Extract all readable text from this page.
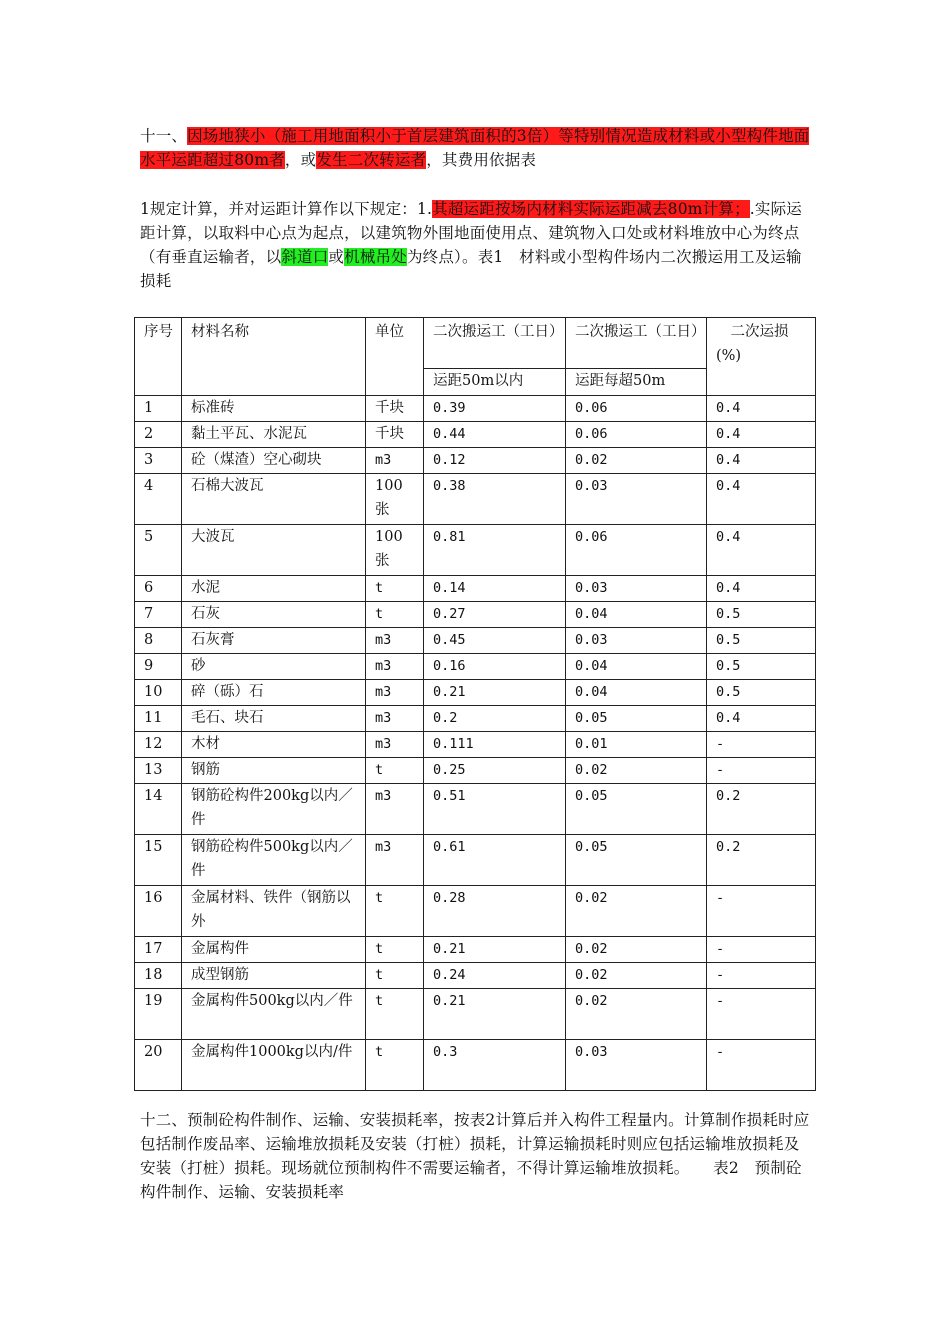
十一、因场地狭小（施工用地面积小于首层建筑面积的3倍）等特别情况造成材料或小型构件地面水平运距超过80m者，或发生二次转运者，其费用依据表
1规定计算，并对运距计算作以下规定：1.其超运距按场内材料实际运距减去80m计算；.实际运距计算，以取料中心点为起点，以建筑物外围地面使用点、建筑物入口处或材料堆放中心为终点（有垂直运输者，以斜道口或机械吊处为终点）。表1　材料或小型构件场内二次搬运用工及运输损耗
序号	材料名称	单位	二次搬运工（工日）	二次搬运工（工日）	　二次运损(%)
			运距50m以内	运距每超50m	
1	标准砖	千块	0.39	0.06	0.4
2	黏土平瓦、水泥瓦	千块	0.44	0.06	0.4
3	砼（煤渣）空心砌块	m3	0.12	0.02	0.4
4	石棉大波瓦	100张	0.38	0.03	0.4
5	大波瓦	100张	0.81	0.06	0.4
6	水泥	t	0.14	0.03	0.4
7	石灰	t	0.27	0.04	0.5
8	石灰膏	m3	0.45	0.03	0.5
9	砂	m3	0.16	0.04	0.5
10	碎（砾）石	m3	0.21	0.04	0.5
11	毛石、块石	m3	0.2	0.05	0.4
12	木材	m3	0.111	0.01	-
13	钢筋	t	0.25	0.02	-
14	钢筋砼构件200kg以内／件	m3	0.51	0.05	0.2
15	钢筋砼构件500kg以内／件	m3	0.61	0.05	0.2
16	金属材料、铁件（钢筋以外	t	0.28	0.02	-
17	金属构件	t	0.21	0.02	-
18	成型钢筋	t	0.24	0.02	-
19	金属构件500kg以内／件	t	0.21	0.02	-
20	金属构件1000kg以内/件	t	0.3	0.03	-
十二、预制砼构件制作、运输、安装损耗率，按表2计算后并入构件工程量内。计算制作损耗时应包括制作废品率、运输堆放损耗及安装（打桩）损耗，计算运输损耗时则应包括运输堆放损耗及安装（打桩）损耗。现场就位预制构件不需要运输者，不得计算运输堆放损耗。　　表2　预制砼构件制作、运输、安装损耗率
